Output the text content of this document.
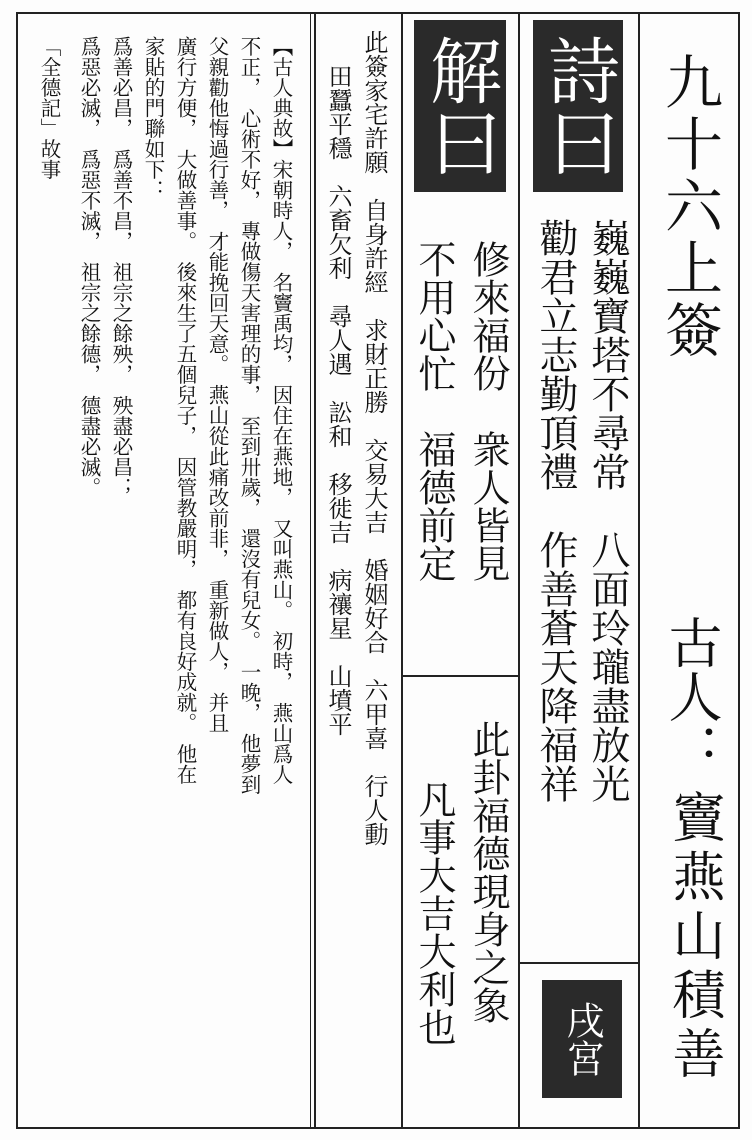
九十六上簽
古人：
竇燕山積善
詩曰
巍巍寶塔不尋常　八面玲瓏盡放光
勸君立志勤頂禮　作善蒼天降福祥
戌宮
解曰
修來福份　衆人皆見
不用心忙　福德前定
此卦福德現身之象
凡事大吉大利也
此簽家宅許願　自身許經　求財正勝　交易大吉　婚姻好合　六甲喜　行人動
田蠶平穩　六畜欠利　尋人遇　訟和　移徙吉　病禳星　山墳平
【古人典故】宋朝時人，　名竇禹均，　因住在燕地，　又叫燕山。　初時，　燕山爲人
不正，　心術不好，　專做傷天害理的事，　至到卅歲，　還沒有兒女。　一晚，　他夢到
父親勸他悔過行善，　才能挽回天意。　燕山從此痛改前非，　重新做人，　并且
廣行方便，　大做善事。　後來生了五個兒子，　因管教嚴明，　都有良好成就。　他在
家貼的門聯如下：
爲善必昌，　爲善不昌，　祖宗之餘殃，　殃盡必昌；
爲惡必滅，　爲惡不滅，　祖宗之餘德，　德盡必滅。
「全德記」故事
